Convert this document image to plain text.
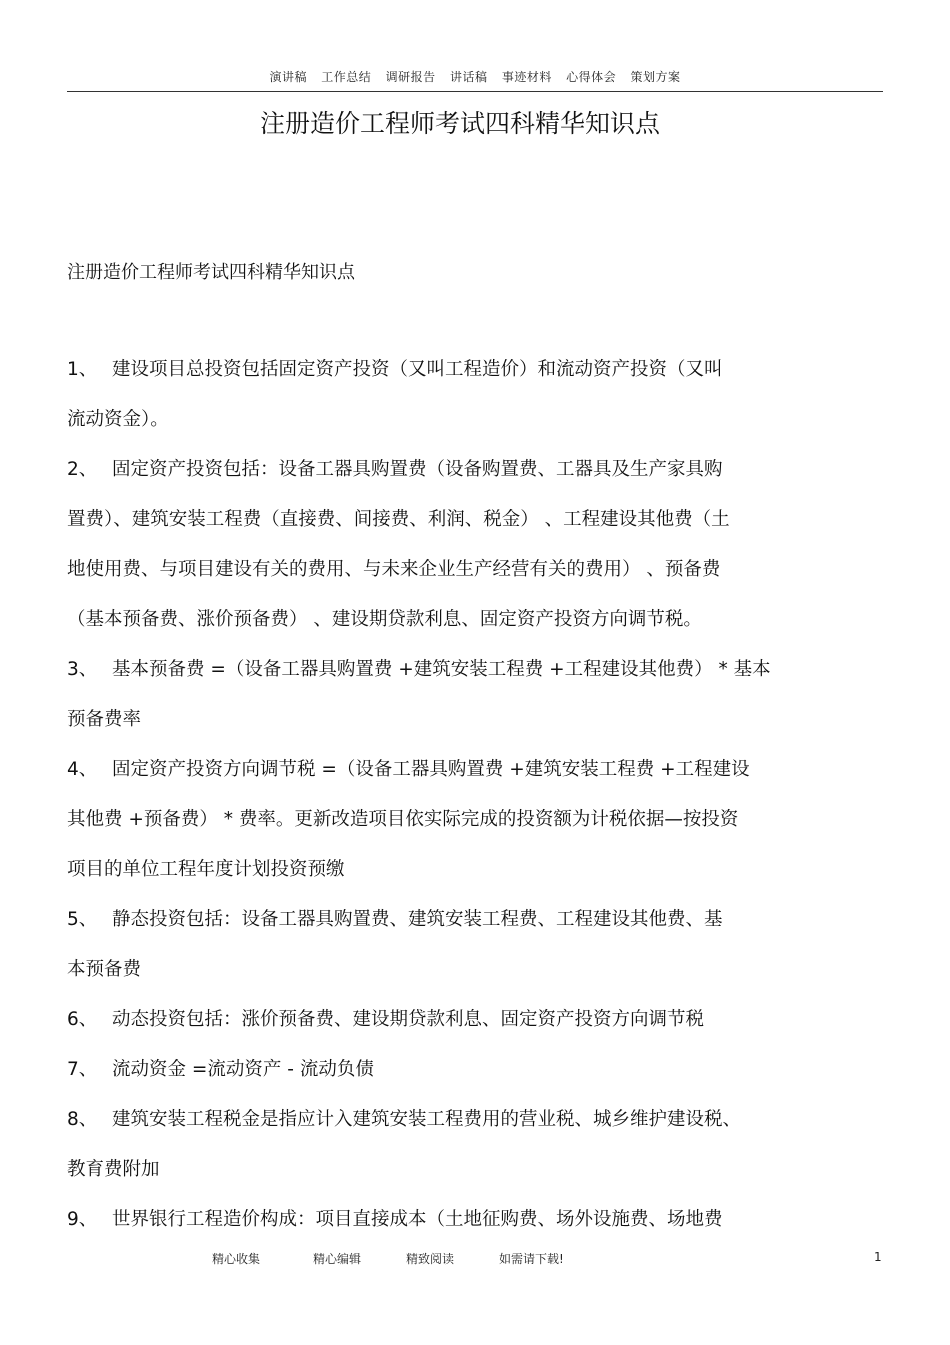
演讲稿 工作总结 调研报告 讲话稿 事迹材料 心得体会 策划方案
注册造价工程师考试四科精华知识点
注册造价工程师考试四科精华知识点
1、 建设项目总投资包括固定资产投资（又叫工程造价）和流动资产投资（又叫
流动资金）。
2、 固定资产投资包括：设备工器具购置费（设备购置费、工器具及生产家具购
置费）、建筑安装工程费（直接费、间接费、利润、税金） 、工程建设其他费（土
地使用费、与项目建设有关的费用、与未来企业生产经营有关的费用） 、预备费
（基本预备费、涨价预备费） 、建设期贷款利息、固定资产投资方向调节税。
3、 基本预备费 =（设备工器具购置费 +建筑安装工程费 +工程建设其他费） * 基本
预备费率
4、 固定资产投资方向调节税 =（设备工器具购置费 +建筑安装工程费 +工程建设
其他费 +预备费） * 费率。更新改造项目依实际完成的投资额为计税依据—按投资
项目的单位工程年度计划投资预缴
5、 静态投资包括：设备工器具购置费、建筑安装工程费、工程建设其他费、基
本预备费
6、 动态投资包括：涨价预备费、建设期贷款利息、固定资产投资方向调节税
7、 流动资金 =流动资产 - 流动负债
8、 建筑安装工程税金是指应计入建筑安装工程费用的营业税、城乡维护建设税、
教育费附加
9、 世界银行工程造价构成：项目直接成本（土地征购费、场外设施费、场地费
精心收集	精心编辑	精致阅读	如需请下载!	1
